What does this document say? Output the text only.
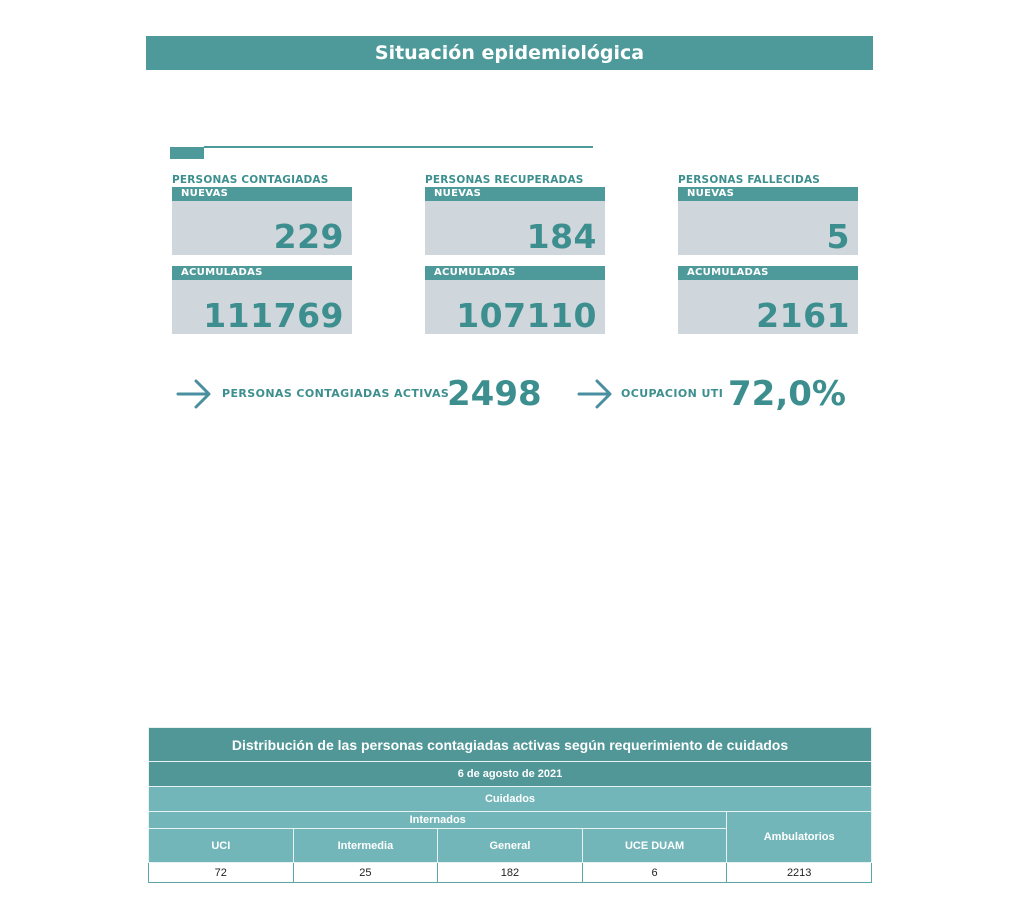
Situación epidemiológica
PERSONAS CONTAGIADAS
NUEVAS
229
ACUMULADAS
111769
PERSONAS RECUPERADAS
NUEVAS
184
ACUMULADAS
107110
PERSONAS FALLECIDAS
NUEVAS
5
ACUMULADAS
2161
PERSONAS CONTAGIADAS ACTIVAS
2498	OCUPACION UTI 72,0%
Distribución de las personas contagiadas activas según requerimiento de cuidados				
6 de agosto de 2021				
Cuidados				
Internados				Ambulatorios
UCI	Intermedia	General	UCE DUAM	
72	25	182	6	2213
